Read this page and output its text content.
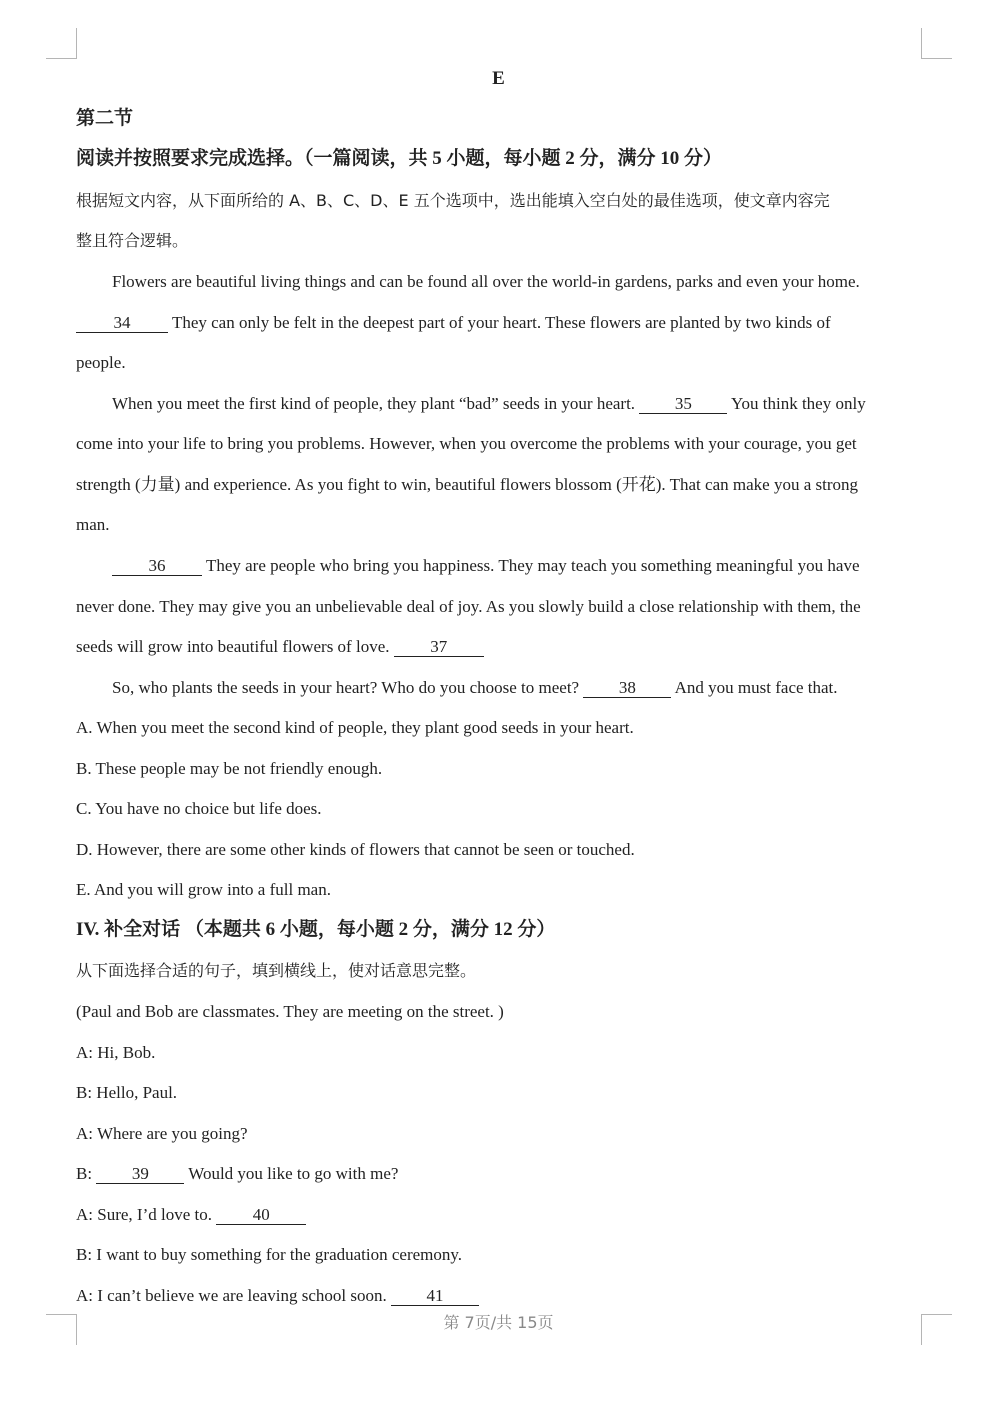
E
第二节
阅读并按照要求完成选择。（一篇阅读，共 5 小题，每小题 2 分，满分 10 分）
根据短文内容，从下面所给的 A、B、C、D、E 五个选项中，选出能填入空白处的最佳选项，使文章内容完
整且符合逻辑。
Flowers are beautiful living things and can be found all over the world-in gardens, parks and even your home.
34 They can only be felt in the deepest part of your heart. These flowers are planted by two kinds of
people.
When you meet the first kind of people, they plant “bad” seeds in your heart. 35 You think they only
come into your life to bring you problems. However, when you overcome the problems with your courage, you get
strength (力量) and experience. As you fight to win, beautiful flowers blossom (开花). That can make you a strong
man.
36 They are people who bring you happiness. They may teach you something meaningful you have
never done. They may give you an unbelievable deal of joy. As you slowly build a close relationship with them, the
seeds will grow into beautiful flowers of love. 37
So, who plants the seeds in your heart? Who do you choose to meet? 38 And you must face that.
A. When you meet the second kind of people, they plant good seeds in your heart.
B. These people may be not friendly enough.
C. You have no choice but life does.
D. However, there are some other kinds of flowers that cannot be seen or touched.
E. And you will grow into a full man.
IV. 补全对话 （本题共 6 小题，每小题 2 分，满分 12 分）
从下面选择合适的句子，填到横线上，使对话意思完整。
(Paul and Bob are classmates. They are meeting on the street. )
A: Hi, Bob.
B: Hello, Paul.
A: Where are you going?
B: 39 Would you like to go with me?
A: Sure, I’d love to. 40
B: I want to buy something for the graduation ceremony.
A: I can’t believe we are leaving school soon. 41
第 7页/共 15页
